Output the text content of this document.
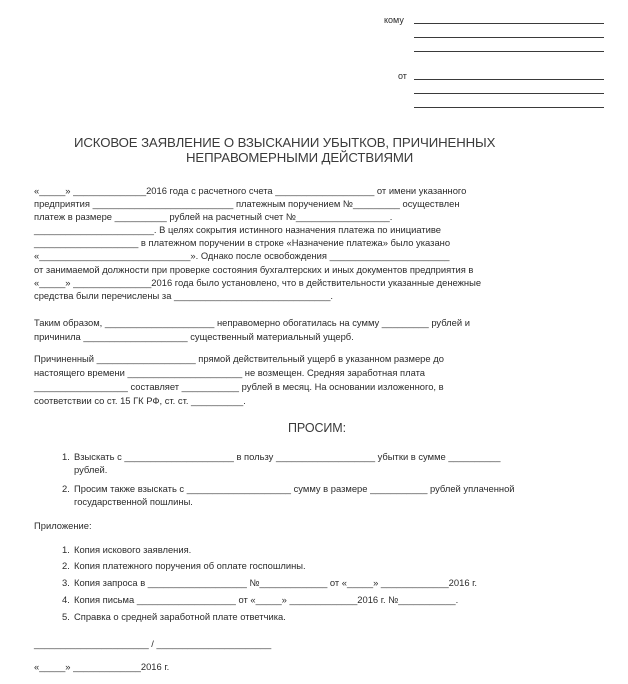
кому
от
ИСКОВОЕ ЗАЯВЛЕНИЕ О ВЗЫСКАНИИ УБЫТКОВ, ПРИЧИНЕННЫХ
НЕПРАВОМЕРНЫМИ ДЕЙСТВИЯМИ
«_____» ______________2016 года с расчетного счета ___________________ от имени указанного
предприятия ___________________________ платежным поручением №_________ осуществлен
платеж в размере __________ рублей на расчетный счет №__________________.
_______________________. В целях сокрытия истинного назначения платежа по инициативе
____________________ в платежном поручении в строке «Назначение платежа» было указано
«_____________________________». Однако после освобождения _______________________
от занимаемой должности при проверке состояния бухгалтерских и иных документов предприятия в
«_____» _______________2016 года было установлено, что в действительности указанные денежные
средства были перечислены за ______________________________.
Таким образом, _____________________ неправомерно обогатилась на сумму _________ рублей и
причинила ____________________ существенный материальный ущерб.
Причиненный ___________________ прямой действительный ущерб в указанном размере до
настоящего времени ______________________ не возмещен. Средняя заработная плата
__________________ составляет ___________ рублей в месяц. На основании изложенного, в
соответствии со ст. 15 ГК РФ, ст. ст. __________.
ПРОСИМ:
1. Взыскать с _____________________ в пользу ___________________ убытки в сумме __________
рублей.
2. Просим также взыскать с ____________________ сумму в размере ___________ рублей уплаченной
государственной пошлины.
Приложение:
1. Копия искового заявления.
2. Копия платежного поручения об оплате госпошлины.
3. Копия запроса в ___________________ №_____________ от «_____» _____________2016 г.
4. Копия письма ___________________ от «_____» _____________2016 г. №___________.
5. Справка о средней заработной плате ответчика.
______________________ / ______________________
«_____» _____________2016 г.
